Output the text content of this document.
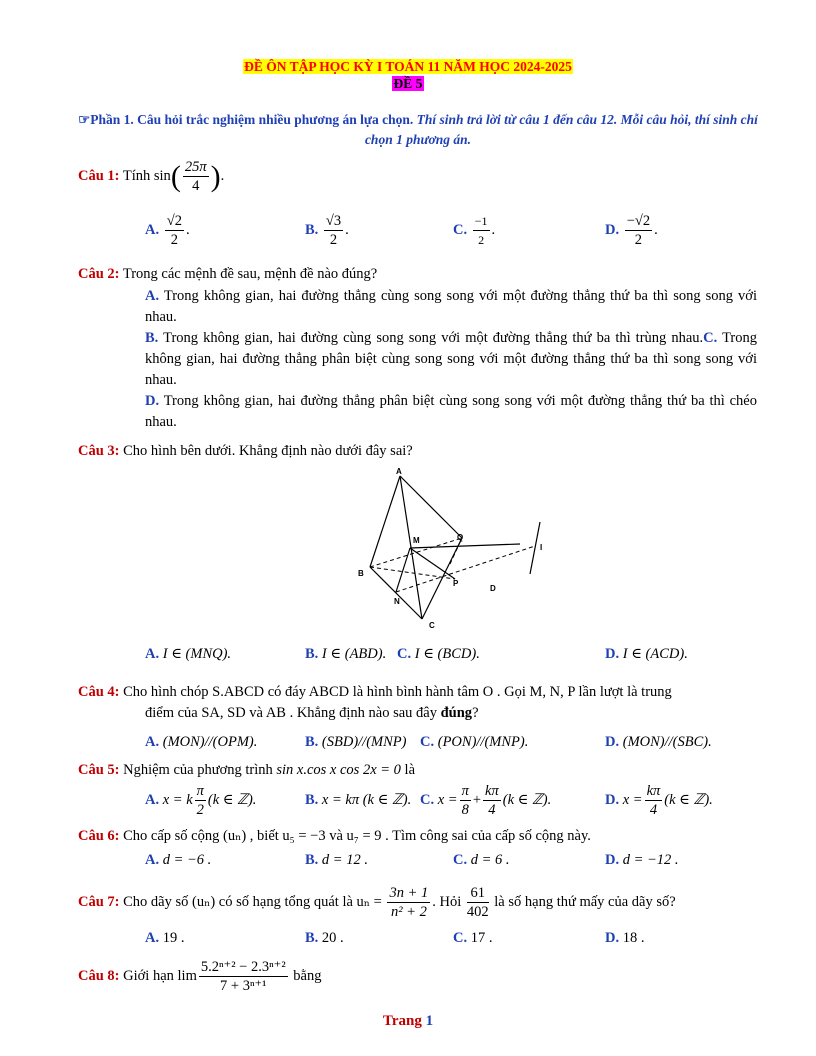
ĐỀ ÔN TẬP HỌC KỲ I TOÁN 11 NĂM HỌC 2024-2025
ĐỀ 5
☞Phần 1. Câu hỏi trắc nghiệm nhiều phương án lựa chọn. Thí sinh trả lời từ câu 1 đến câu 12. Mỗi câu hỏi, thí sinh chỉ chọn 1 phương án.
Câu 1: Tính $\sin( \frac{25\pi}{4}$ ).
A. $\frac{√2}{2}$ .	B. $\frac{√3}{2}$ .	C. $\frac{-1}{2}$ .	D. $\frac{-√2}{2}$ .
Câu 2: Trong các mệnh đề sau, mệnh đề nào đúng?
A. Trong không gian, hai đường thẳng cùng song song với một đường thẳng thứ ba thì song song với nhau.
B. Trong không gian, hai đường cùng song song với một đường thẳng thứ ba thì trùng nhau.C. Trong không gian, hai đường thẳng phân biệt cùng song song với một đường thẳng thứ ba thì song song với nhau.
D. Trong không gian, hai đường thẳng phân biệt cùng song song với một đường thẳng thứ ba thì chéo nhau.
Câu 3: Cho hình bên dưới. Khẳng định nào dưới đây sai?
A
B
C
D
M
N
P
Q
I
A. I ∈ (MNQ).	B. I ∈ (ABD). C. I ∈ (BCD).	D. I ∈ (ACD).
Câu 4: Cho hình chóp S.ABCD có đáy ABCD là hình bình hành tâm O . Gọi M, N, P lần lượt là trung
điểm của SA, SD và AB . Khẳng định nào sau đây đúng?
A. (MON)//(OPM).	B. (SBD)//(MNP) C. (PON)//(MNP).	D. (MON)//(SBC).
Câu 5: Nghiệm của phương trình sin x.cos x cos 2x = 0 là
A. x = k $\frac{\pi}{2} (k$ ∈ ℤ).	B. x = kπ (k ∈ ℤ). C. $x = \frac{\pi}{8} + \frac{k\pi}{4} (k$ ∈ ℤ).	D. $x = \frac{k\pi}{4} (k$ ∈ ℤ).
Câu 6: Cho cấp số cộng (uₙ) , biết u₅ = −3 và u₇ = 9 . Tìm công sai của cấp số cộng này.
A. d = −6 .	B. d = 12 .	C. d = 6 .	D. d = −12 .
Câu 7: Cho dãy số (uₙ) có số hạng tổng quát là $u_n = \frac{3n + 1}{\text{n² + 2}}$ . Hỏi $\frac{61}{402}$ là số hạng thứ mấy của dãy số?
A. 19 .	B. 20 .	C. 17 .	D. 18 .
Câu 8: Giới hạn $\lim \frac{\text{5.2ⁿ⁺² − 2.3ⁿ⁺²}}{\text{7 + 3ⁿ⁺¹}}$ bằng
Trang 1
